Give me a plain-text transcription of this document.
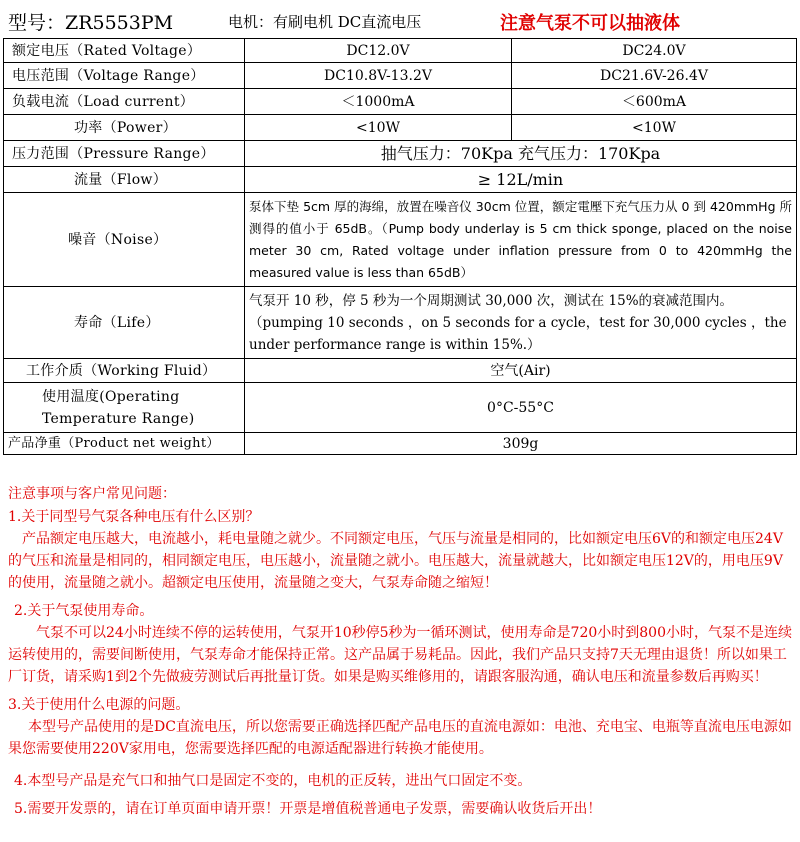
型号：ZR5553PM	电机：有刷电机 DC直流电压	注意气泵不可以抽液体
额定电压（Rated Voltage）	DC12.0V	DC24.0V
电压范围（Voltage Range）	DC10.8V-13.2V	DC21.6V-26.4V
负载电流（Load current）	＜1000mA	＜600mA
功率（Power）	<10W	<10W
压力范围（Pressure Range）	抽气压力：70Kpa 充气压力：170Kpa	
流量（Flow）	≥ 12L/min	
噪音（Noise）	泵体下垫 5cm 厚的海绵，放置在噪音仪 30cm 位置，额定電壓下充气压力从 0 到 420mmHg 所测得的值小于 65dB。（Pump body underlay is 5 cm thick sponge, placed on the noise meter 30 cm, Rated voltage under inflation pressure from 0 to 420mmHg the measured value is less than 65dB）	
寿命（Life）	气泵开 10 秒，停 5 秒为一个周期测试 30,000 次，测试在 15%的衰减范围内。（pumping 10 seconds ，on 5 seconds for a cycle，test for 30,000 cycles ，the under performance range is within 15%.）	
工作介质（Working Fluid）	空气(Air)	
使用温度(Operating Temperature Range)	0°C-55°C	
产品净重（Product net weight）	309g	
注意事项与客户常见问题：

1.关于同型号气泵各种电压有什么区别？

产品额定电压越大，电流越小，耗电量随之就少。不同额定电压，气压与流量是相同的，比如额定电压6V的和额定电压24V的气压和流量是相同的，相同额定电压，电压越小，流量随之就小。电压越大，流量就越大，比如额定电压12V的，用电压9V的使用，流量随之就小。超额定电压使用，流量随之变大，气泵寿命随之缩短！

2.关于气泵使用寿命。

气泵不可以24小时连续不停的运转使用，气泵开10秒停5秒为一循环测试，使用寿命是720小时到800小时，气泵不是连续运转使用的，需要间断使用，气泵寿命才能保持正常。这产品属于易耗品。因此，我们产品只支持7天无理由退货！所以如果工厂订货，请采购1到2个先做疲劳测试后再批量订货。如果是购买维修用的，请跟客服沟通，确认电压和流量参数后再购买！

3.关于使用什么电源的问题。

本型号产品使用的是DC直流电压，所以您需要正确选择匹配产品电压的直流电源如：电池、充电宝、电瓶等直流电压电源如果您需要使用220V家用电，您需要选择匹配的电源适配器进行转换才能使用。

4.本型号产品是充气口和抽气口是固定不变的，电机的正反转，进出气口固定不变。

5.需要开发票的，请在订单页面申请开票！开票是增值税普通电子发票，需要确认收货后开出！
